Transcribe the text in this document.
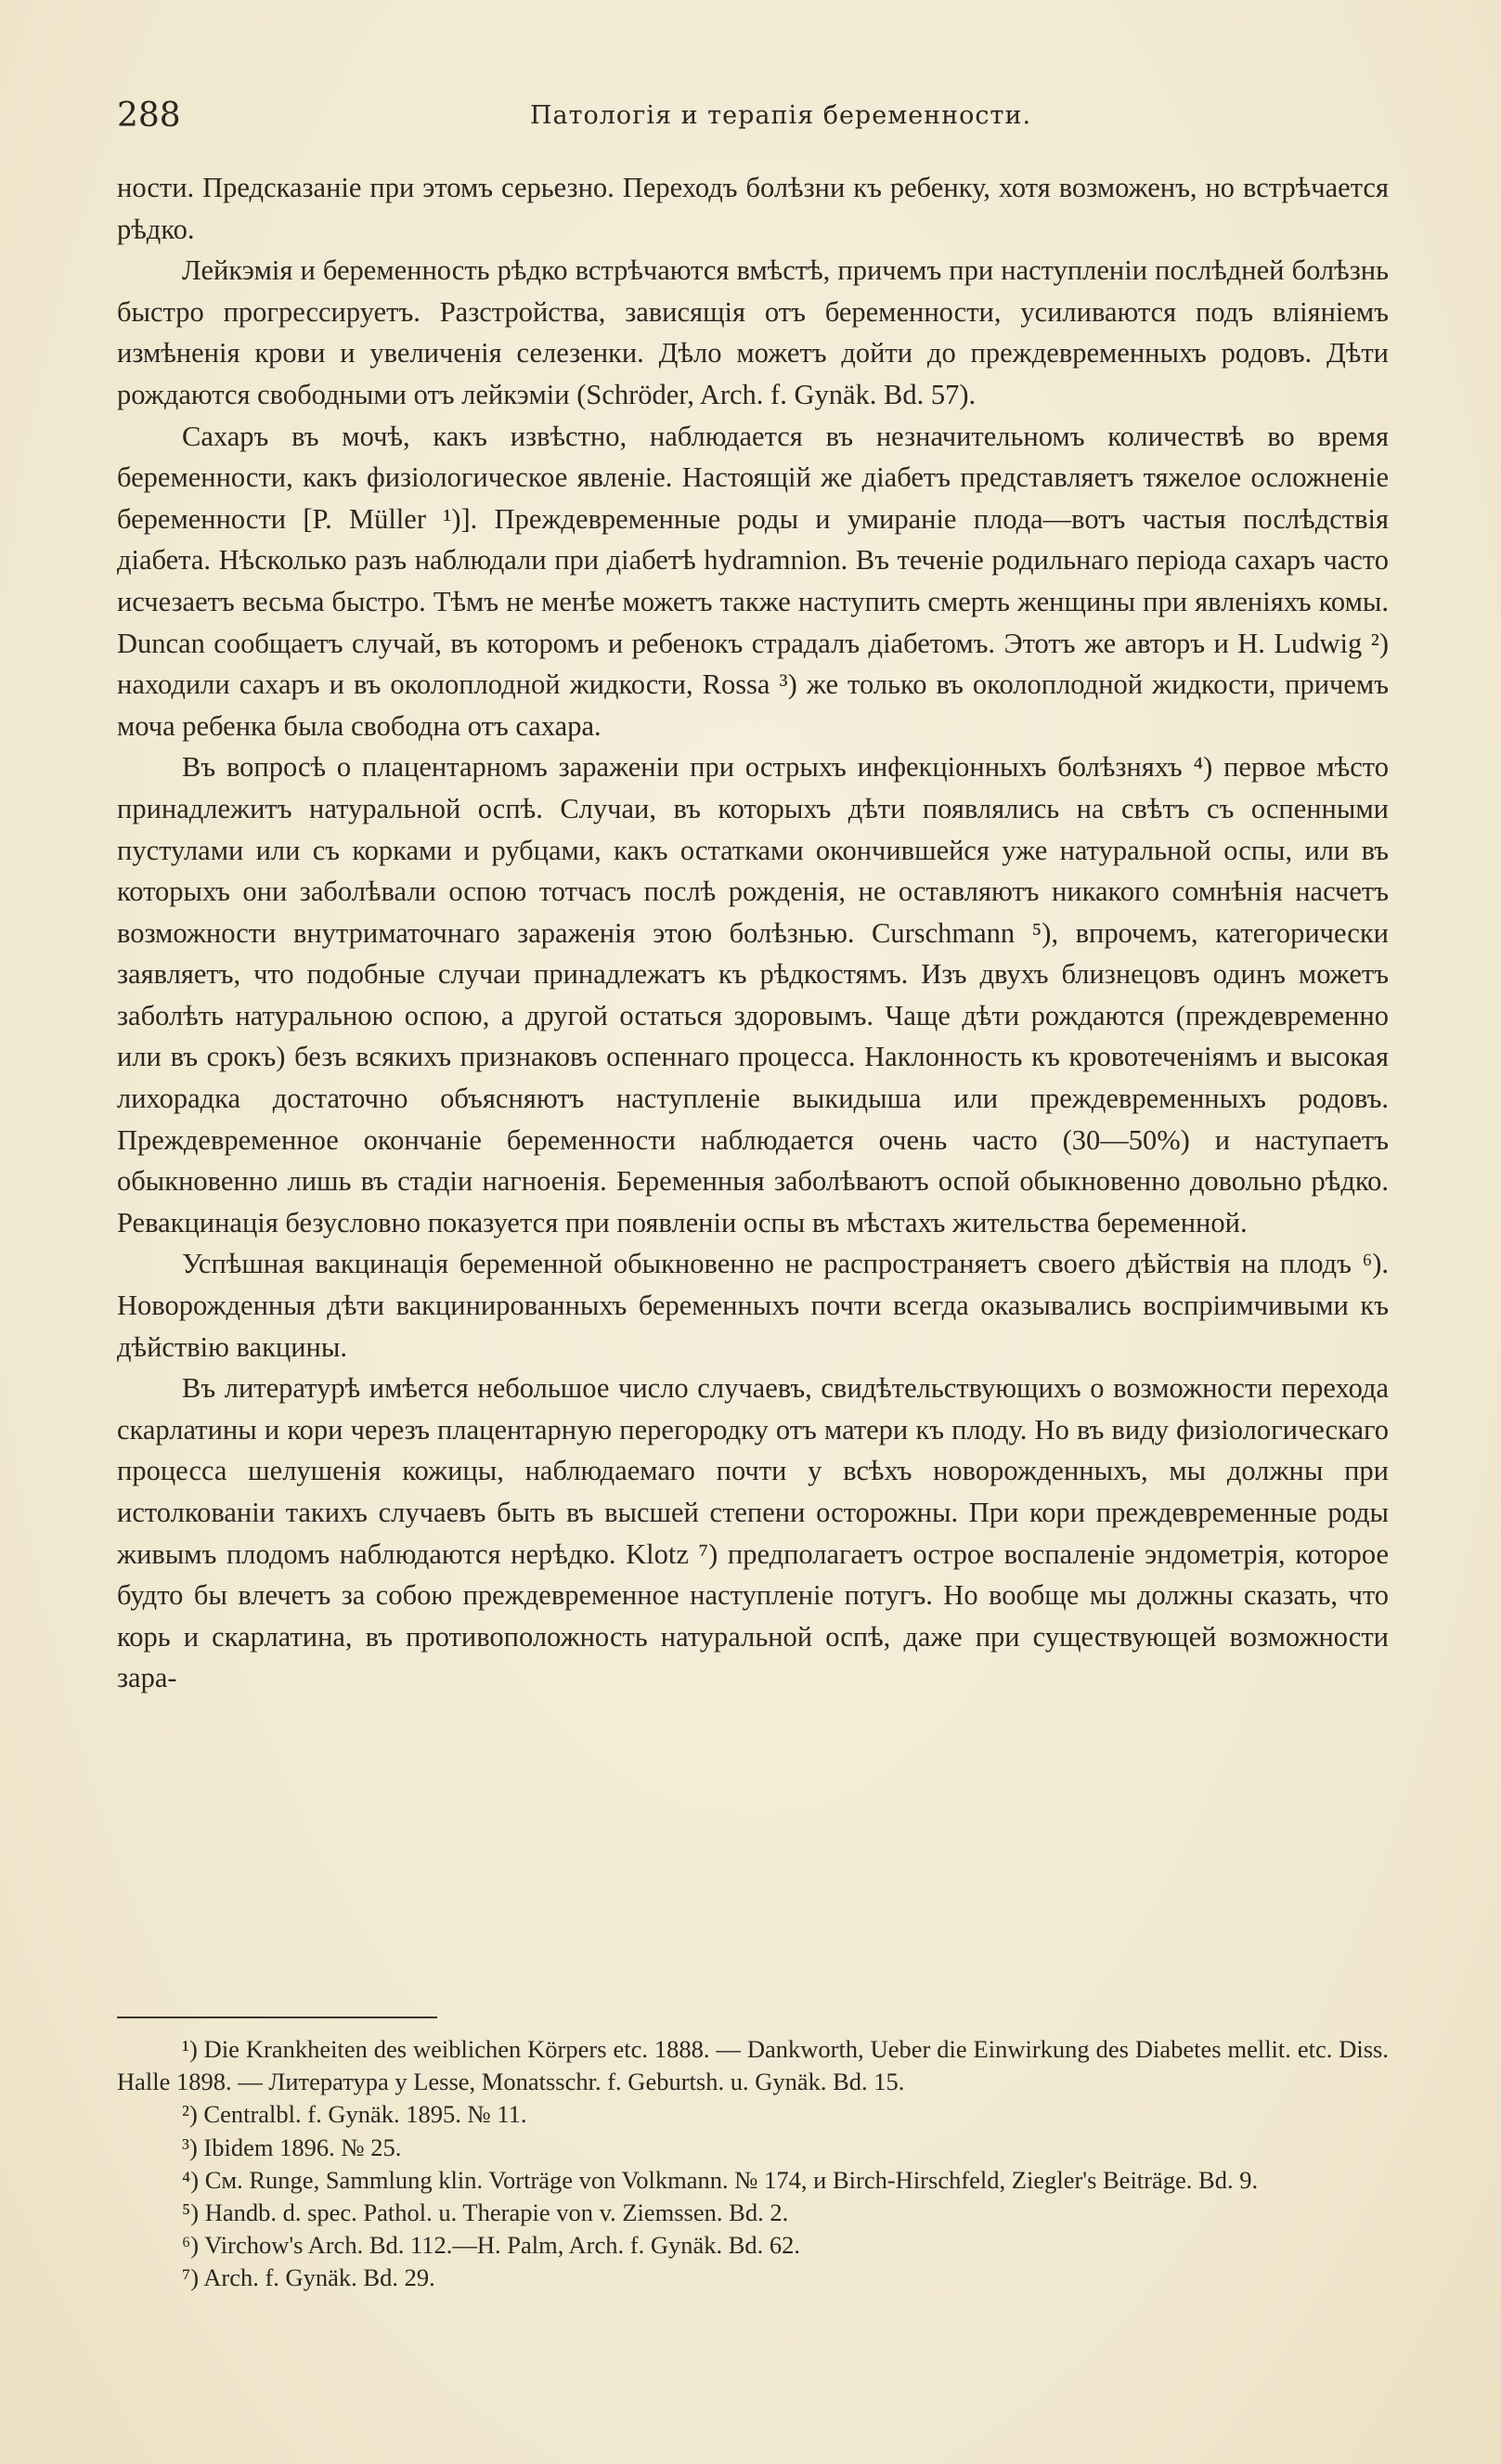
288	Патологія и терапія беременности.

ности. Предсказаніе при этомъ серьезно. Переходъ болѣзни къ ребенку, хотя возможенъ, но встрѣчается рѣдко.

Лейкэмія и беременность рѣдко встрѣчаются вмѣстѣ, причемъ при наступленіи послѣдней болѣзнь быстро прогрессируетъ. Разстройства, зависящія отъ беременности, усиливаются подъ вліяніемъ измѣненія крови и увеличенія селезенки. Дѣло можетъ дойти до преждевременныхъ родовъ. Дѣти рождаются свободными отъ лейкэміи (Schröder, Arch. f. Gynäk. Bd. 57).

Сахаръ въ мочѣ, какъ извѣстно, наблюдается въ незначительномъ количествѣ во время беременности, какъ физіологическое явленіе. Настоящій же діабетъ представляетъ тяжелое осложненіе беременности [P. Müller ¹)]. Преждевременные роды и умираніе плода—вотъ частыя послѣдствія діабета. Нѣсколько разъ наблюдали при діабетѣ hydramnion. Въ теченіе родильнаго періода сахаръ часто исчезаетъ весьма быстро. Тѣмъ не менѣе можетъ также наступить смерть женщины при явленіяхъ комы. Duncan сообщаетъ случай, въ которомъ и ребенокъ страдалъ діабетомъ. Этотъ же авторъ и H. Ludwig ²) находили сахаръ и въ околоплодной жидкости, Rossa ³) же только въ околоплодной жидкости, причемъ моча ребенка была свободна отъ сахара.

Въ вопросѣ о плацентарномъ зараженіи при острыхъ инфекціонныхъ болѣзняхъ ⁴) первое мѣсто принадлежитъ натуральной оспѣ. Случаи, въ которыхъ дѣти появлялись на свѣтъ съ оспенными пустулами или съ корками и рубцами, какъ остатками окончившейся уже натуральной оспы, или въ которыхъ они заболѣвали оспою тотчасъ послѣ рожденія, не оставляютъ никакого сомнѣнія насчетъ возможности внутриматочнаго зараженія этою болѣзнью. Curschmann ⁵), впрочемъ, категорически заявляетъ, что подобные случаи принадлежатъ къ рѣдкостямъ. Изъ двухъ близнецовъ одинъ можетъ заболѣть натуральною оспою, а другой остаться здоровымъ. Чаще дѣти рождаются (преждевременно или въ срокъ) безъ всякихъ признаковъ оспеннаго процесса. Наклонность къ кровотеченіямъ и высокая лихорадка достаточно объясняютъ наступленіе выкидыша или преждевременныхъ родовъ. Преждевременное окончаніе беременности наблюдается очень часто (30—50%) и наступаетъ обыкновенно лишь въ стадіи нагноенія. Беременныя заболѣваютъ оспой обыкновенно довольно рѣдко. Ревакцинація безусловно показуется при появленіи оспы въ мѣстахъ жительства беременной.

Успѣшная вакцинація беременной обыкновенно не распространяетъ своего дѣйствія на плодъ ⁶). Новорожденныя дѣти вакцинированныхъ беременныхъ почти всегда оказывались воспріимчивыми къ дѣйствію вакцины.

Въ литературѣ имѣется небольшое число случаевъ, свидѣтельствующихъ о возможности перехода скарлатины и кори черезъ плацентарную перегородку отъ матери къ плоду. Но въ виду физіологическаго процесса шелушенія кожицы, наблюдаемаго почти у всѣхъ новорожденныхъ, мы должны при истолкованіи такихъ случаевъ быть въ высшей степени осторожны. При кори преждевременные роды живымъ плодомъ наблюдаются нерѣдко. Klotz ⁷) предполагаетъ острое воспаленіе эндометрія, которое будто бы влечетъ за собою преждевременное наступленіе потугъ. Но вообще мы должны сказать, что корь и скарлатина, въ противоположность натуральной оспѣ, даже при существующей возможности зара-

¹) Die Krankheiten des weiblichen Körpers etc. 1888. — Dankworth, Ueber die Einwirkung des Diabetes mellit. etc. Diss. Halle 1898. — Литература у Lesse, Monatsschr. f. Geburtsh. u. Gynäk. Bd. 15.

²) Centralbl. f. Gynäk. 1895. № 11.

³) Ibidem 1896. № 25.

⁴) См. Runge, Sammlung klin. Vorträge von Volkmann. № 174, и Birch-Hirschfeld, Ziegler's Beiträge. Bd. 9.

⁵) Handb. d. spec. Pathol. u. Therapie von v. Ziemssen. Bd. 2.

⁶) Virchow's Arch. Bd. 112.—H. Palm, Arch. f. Gynäk. Bd. 62.

⁷) Arch. f. Gynäk. Bd. 29.
